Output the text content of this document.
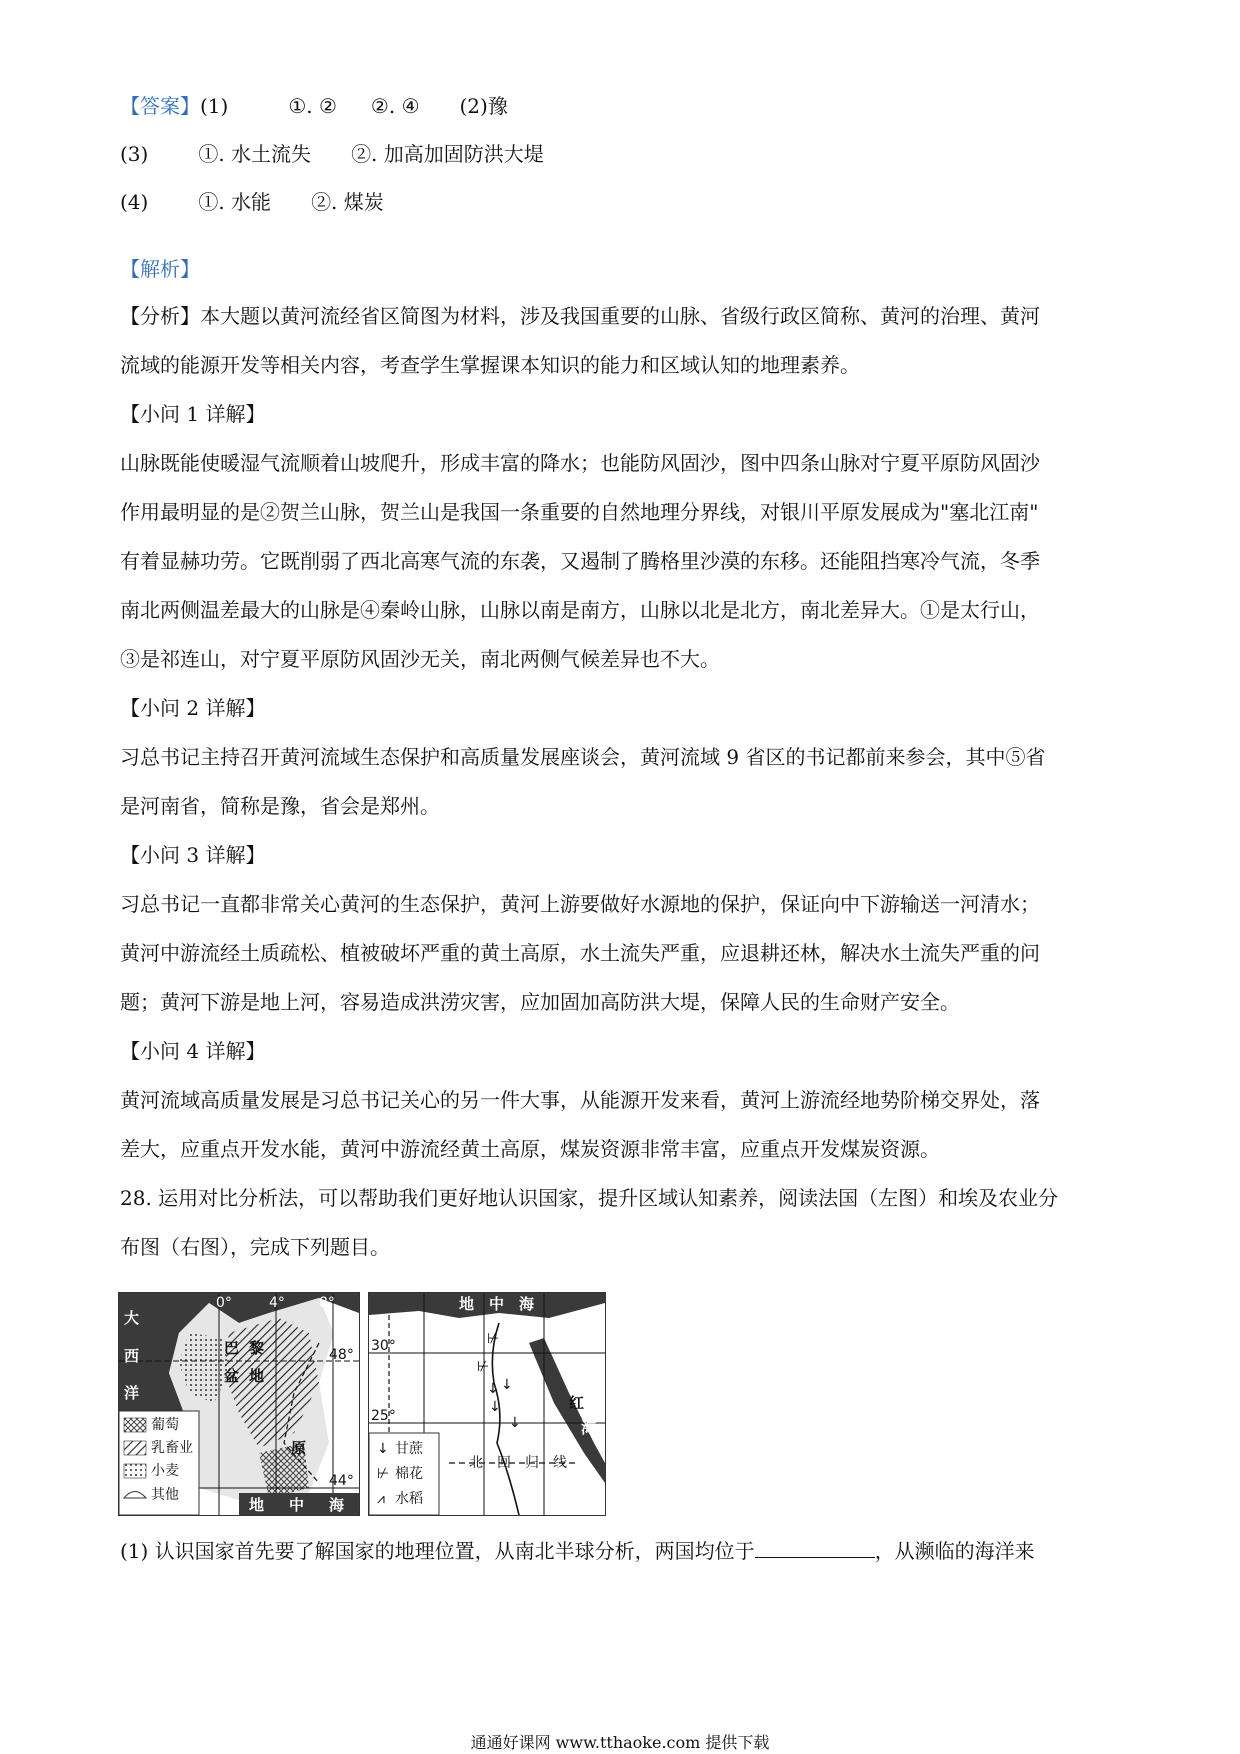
【答案】(1)	①. ② ②. ④ (2)豫
(3)	①. 水土流失 ②. 加高加固防洪大堤
(4)	①. 水能 ②. 煤炭
【解析】
【分析】本大题以黄河流经省区简图为材料，涉及我国重要的山脉、省级行政区简称、黄河的治理、黄河
流域的能源开发等相关内容，考查学生掌握课本知识的能力和区域认知的地理素养。
【小问 1 详解】
山脉既能使暖湿气流顺着山坡爬升，形成丰富的降水；也能防风固沙，图中四条山脉对宁夏平原防风固沙
作用最明显的是②贺兰山脉，贺兰山是我国一条重要的自然地理分界线，对银川平原发展成为"塞北江南"
有着显赫功劳。它既削弱了西北高寒气流的东袭，又遏制了腾格里沙漠的东移。还能阻挡寒冷气流，冬季
南北两侧温差最大的山脉是④秦岭山脉，山脉以南是南方，山脉以北是北方，南北差异大。①是太行山，
③是祁连山，对宁夏平原防风固沙无关，南北两侧气候差异也不大。
【小问 2 详解】
习总书记主持召开黄河流域生态保护和高质量发展座谈会，黄河流域 9 省区的书记都前来参会，其中⑤省
是河南省，简称是豫，省会是郑州。
【小问 3 详解】
习总书记一直都非常关心黄河的生态保护，黄河上游要做好水源地的保护，保证向中下游输送一河清水；
黄河中游流经土质疏松、植被破坏严重的黄土高原，水土流失严重，应退耕还林，解决水土流失严重的问
题；黄河下游是地上河，容易造成洪涝灾害，应加固加高防洪大堤，保障人民的生命财产安全。
【小问 4 详解】
黄河流域高质量发展是习总书记关心的另一件大事，从能源开发来看，黄河上游流经地势阶梯交界处，落
差大，应重点开发水能，黄河中游流经黄土高原，煤炭资源非常丰富，应重点开发煤炭资源。
28. 运用对比分析法，可以帮助我们更好地认识国家，提升区域认知素养，阅读法国（左图）和埃及农业分
布图（右图），完成下列题目。
葡萄
乳畜业
小麦
其他
0°	4° 8°
48°
44°
大
西
洋
巴 黎
盆 地
原
地 中 海
北　回　归　线
⊬
⊬
↓ ↓
↓
↓
地 中 海
红
海
30°
25°
↓
⊬
⩘
甘蔗
棉花
水稻
(1) 认识国家首先要了解国家的地理位置，从南北半球分析，两国均位于	，从濒临的海洋来
通通好课网 www.tthaoke.com 提供下载
